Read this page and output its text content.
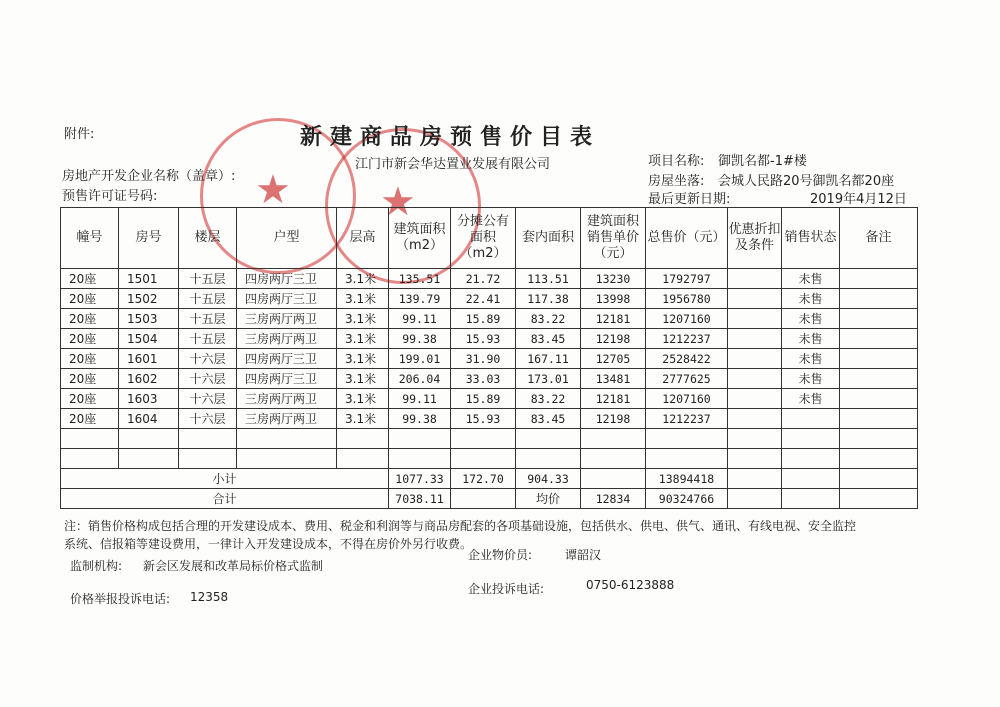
★ ★
附件:	新建商品房预售价目表
房地产开发企业名称（盖章）:
江门市新会华达置业发展有限公司
预售许可证号码:
项目名称: 御凯名都-1#楼
房屋坐落: 会城人民路20号御凯名都20座
最后更新日期:	2019年4月12日
幢号	房号	楼层	户型	层高	建筑面积（m2）	分摊公有面积（m2）	套内面积	建筑面积销售单价（元）	总售价（元）	优惠折扣及条件	销售状态	备注
20座	1501	十五层	四房两厅三卫	3.1米	135.51	21.72	113.51	13230	1792797		未售	
20座	1502	十五层	四房两厅三卫	3.1米	139.79	22.41	117.38	13998	1956780		未售	
20座	1503	十五层	三房两厅两卫	3.1米	99.11	15.89	83.22	12181	1207160		未售	
20座	1504	十五层	三房两厅两卫	3.1米	99.38	15.93	83.45	12198	1212237		未售	
20座	1601	十六层	四房两厅三卫	3.1米	199.01	31.90	167.11	12705	2528422		未售	
20座	1602	十六层	四房两厅三卫	3.1米	206.04	33.03	173.01	13481	2777625		未售	
20座	1603	十六层	三房两厅两卫	3.1米	99.11	15.89	83.22	12181	1207160		未售	
20座	1604	十六层	三房两厅两卫	3.1米	99.38	15.93	83.45	12198	1212237			

小计					1077.33	172.70	904.33		13894418			
合计					7038.11		均价	12834	90324766			
注：销售价格构成包括合理的开发建设成本、费用、税金和利润等与商品房配套的各项基础设施，包括供水、供电、供气、通讯、有线电视、安全监控
系统、信报箱等建设费用，一律计入开发建设成本，不得在房价外另行收费。
监制机构: 新会区发展和改革局标价格式监制
企业物价员:	谭韶汉
企业投诉电话:	0750-6123888
价格举报投诉电话: 12358
